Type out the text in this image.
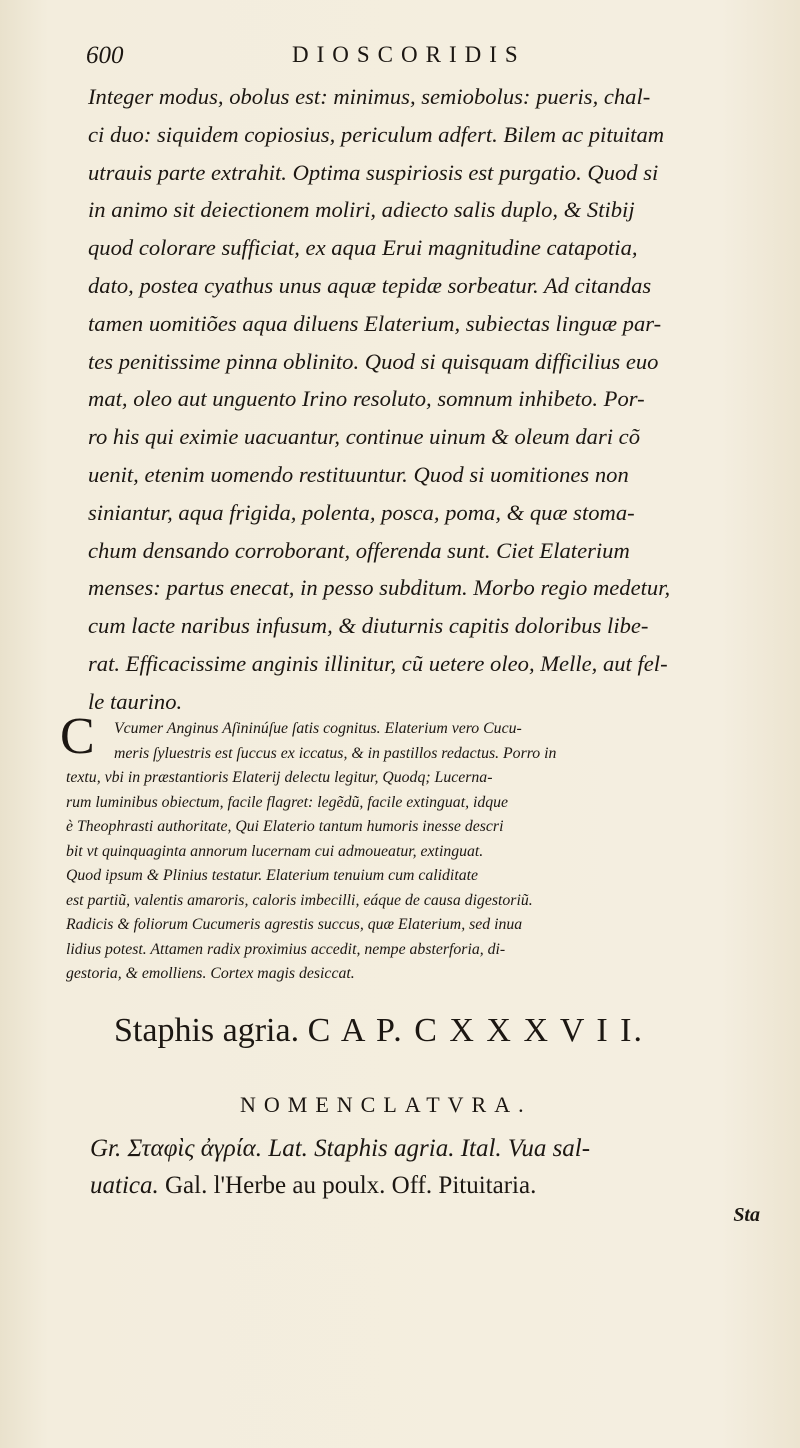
600	DIOSCORIDIS
Integer modus, obolus est: minimus, semiobolus: pueris, chal-
ci duo: siquidem copiosius, periculum adfert. Bilem ac pituitam
utrauis parte extrahit. Optima suspiriosis est purgatio. Quod si
in animo sit deiectionem moliri, adiecto salis duplo, & Stibij
quod colorare sufficiat, ex aqua Erui magnitudine catapotia,
dato, postea cyathus unus aquæ tepidæ sorbeatur. Ad citandas
tamen uomitiões aqua diluens Elaterium, subiectas linguæ par-
tes penitissime pinna oblinito. Quod si quisquam difficilius euo
mat, oleo aut unguento Irino resoluto, somnum inhibeto. Por-
ro his qui eximie uacuantur, continue uinum & oleum dari cõ
uenit, etenim uomendo restituuntur. Quod si uomitiones non
siniantur, aqua frigida, polenta, posca, poma, & quæ stoma-
chum densando corroborant, offerenda sunt. Ciet Elaterium
menses: partus enecat, in pesso subditum. Morbo regio medetur,
cum lacte naribus infusum, & diuturnis capitis doloribus libe-
rat. Efficacissime anginis illinitur, cũ uetere oleo, Melle, aut fel-
le taurino.
C	Vcumer Anginus Aſininúſue ſatis cognitus. Elaterium vero Cucu-
meris ſyluestris est ſuccus ex iccatus, & in pastillos redactus. Porro in
textu, vbi in præstantioris Elaterij delectu legitur, Quodq; Lucerna-
rum luminibus obiectum, facile flagret: legẽdũ, facile extinguat, idque
è Theophrasti authoritate, Qui Elaterio tantum humoris inesse descri
bit vt quinquaginta annorum lucernam cui admoueatur, extinguat.
Quod ipsum & Plinius testatur. Elaterium tenuium cum caliditate
est partiũ, valentis amaroris, caloris imbecilli, eáque de causa digestoriũ.
Radicis & foliorum Cucumeris agrestis succus, quæ Elaterium, sed inua
lidius potest. Attamen radix proximius accedit, nempe absterforia, di-
gestoria, & emolliens. Cortex magis desiccat.
Staphis agria. C A P. C X X X V I I.
NOMENCLATVRA.
Gr. Σταφὶς ἀγρία. Lat. Staphis agria. Ital. Vua sal-
uatica. Gal. l'Herbe au poulx. Off. Pituitaria.
Sta
